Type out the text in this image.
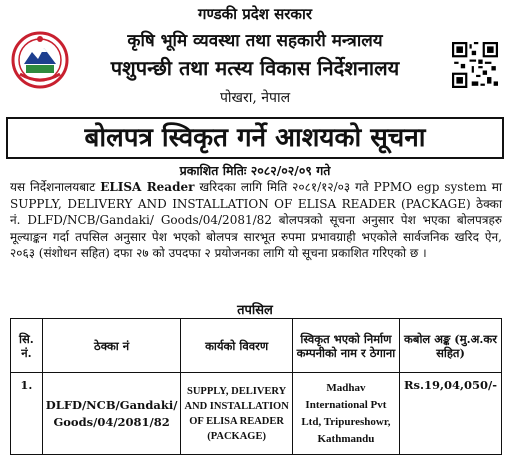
गण्डकी प्रदेश सरकार
कृषि भूमि व्यवस्था तथा सहकारी मन्त्रालय
पशुपन्छी तथा मत्स्य विकास निर्देशनालय
पोखरा, नेपाल
बोलपत्र स्विकृत गर्ने आशयको सूचना
प्रकाशित मितिः २०८२/०२/०९ गते

यस निर्देशनालयबाट ELISA Reader खरिदका लागि मिति २०८१/१२/०३ गते PPMO egp system मा SUPPLY, DELIVERY AND INSTALLATION OF ELISA READER (PACKAGE) ठेक्का नं. DLFD/NCB/Gandaki/ Goods/04/2081/82 बोलपत्रको सूचना अनुसार पेश भएका बोलपत्रहरु मूल्याङ्कन गर्दा तपसिल अनुसार पेश भएको बोलपत्र सारभूत रुपमा प्रभावग्राही भएकोले सार्वजनिक खरिद ऐन, २०६३ (संशोधन सहित) दफा २७ को उपदफा २ प्रयोजनका लागि यो सूचना प्रकाशित गरिएको छ ।

तपसिल
सि. नं.	ठेक्का नं	कार्यको विवरण	स्विकृत भएको निर्माण कम्पनीको नाम र ठेगाना	कबोल अङ्क (मु.अ.कर सहित)
1.	DLFD/NCB/Gandaki/ Goods/04/2081/82	SUPPLY, DELIVERY AND INSTALLATION OF ELISA READER (PACKAGE)	Madhav International Pvt Ltd, Tripureshowr, Kathmandu	Rs.19,04,050/-
